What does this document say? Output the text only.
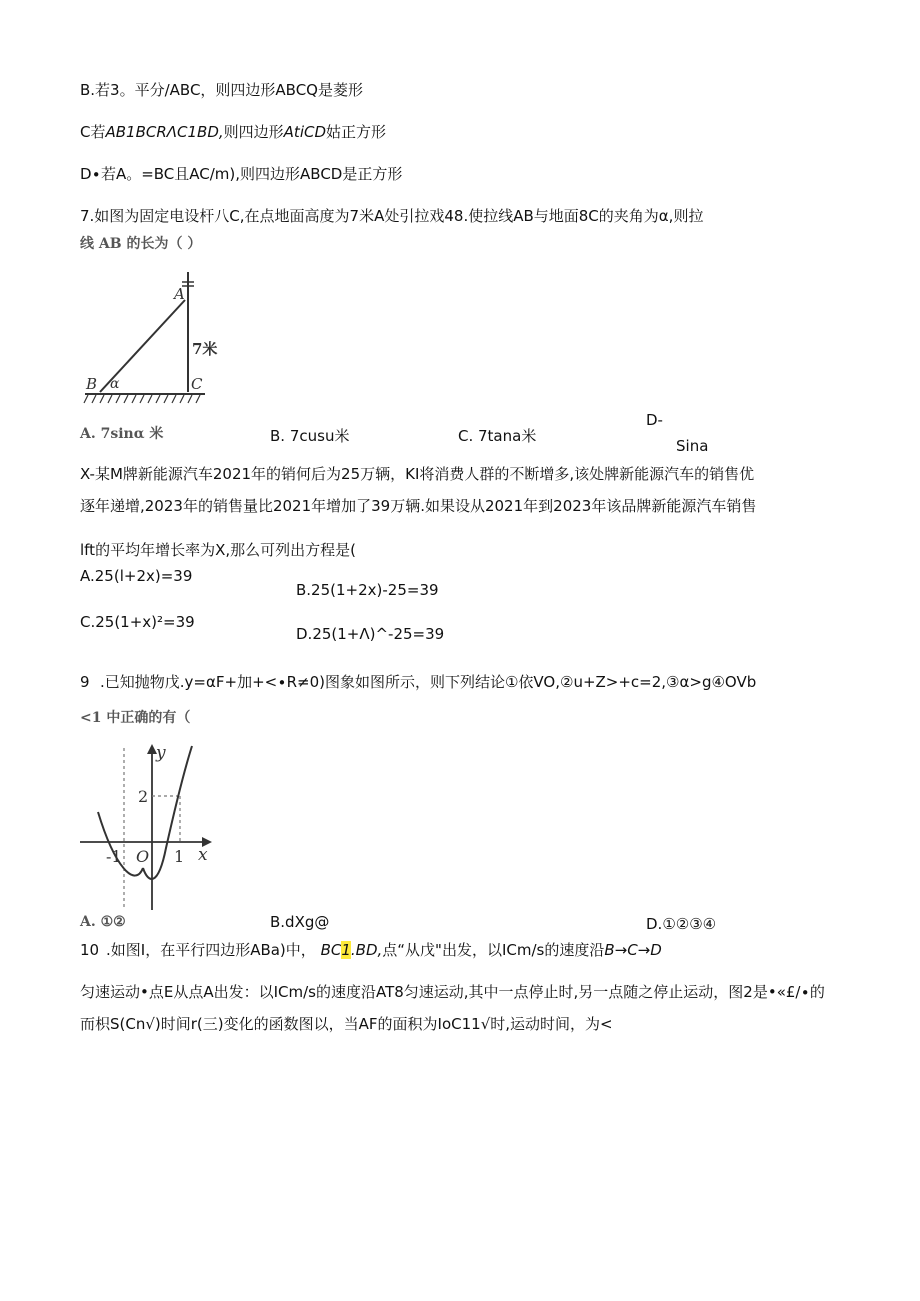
B.若3。平分/ABC，则四边形ABCQ是菱形
C若AB1BCRΛC1BD,则四边形AtiCD姑正方形
D∙若A。=BC且AC/m),则四边形ABCD是正方形
7.如图为固定电设杆八C,在点地面高度为7米A处引拉戏48.使拉线AB与地面8C的夹角为α,则拉
线 AB 的长为（ ）
A
B	C
α
7米
A. 7sinα 米	B. 7cusu米	C. 7tana米
D-
Sina
X-某M牌新能源汽车2021年的销何后为25万辆，KI将消费人群的不断增多,该处牌新能源汽车的销售优
逐年递增,2023年的销售量比2021年增加了39万辆.如果设从2021年到2023年该品牌新能源汽车销售
lft的平均年增长率为X,那么可列出方程是(
A.25(l+2x)=39
B.25(1+2x)-25=39
C.25(1+x)²=39
D.25(1+Λ)^-25=39
9 .已知抛物戊.y=αF+加+<∙R≠0)图象如图所示，则下列结论①依VO,②u+Z>+c=2,③α>g④OVb
<1 中正确的有（
y
x
O
2
-1	1
A. ①②	B.dXg@	D.①②③④
10 .如图I，在平行四边形ABa)中， BC1.BD,点“从戊"出发，以ICm/s的速度沿B→C→D
匀速运动•点E从点A出发：以ICm/s的速度沿AT8匀速运动,其中一点停止时,另一点随之停止运动，图2是•«£/∙的
而枳S(Cn√)时间r(三)变化的函数图以，当AF的面积为IoC11√时,运动时间，为<
